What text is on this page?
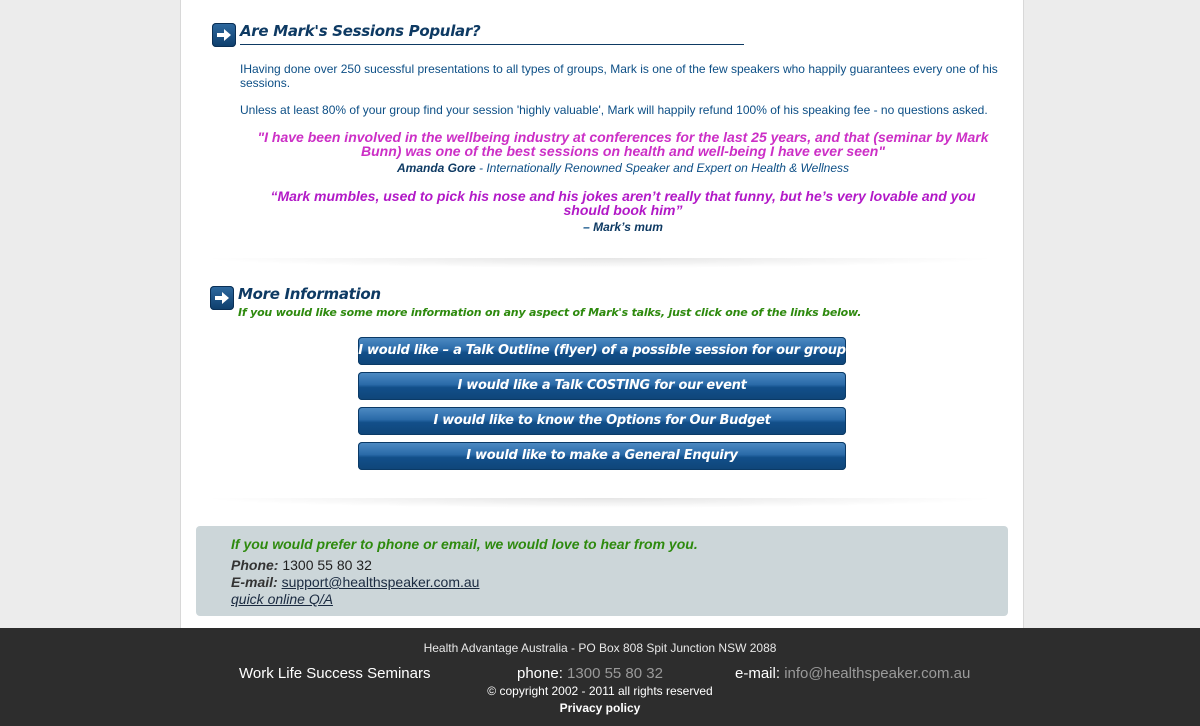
Are Mark's Sessions Popular?
IHaving done over 250 sucessful presentations to all types of groups, Mark is one of the few speakers who happily guarantees every one of his sessions.
Unless at least 80% of your group find your session 'highly valuable', Mark will happily refund 100% of his speaking fee - no questions asked.
"I have been involved in the wellbeing industry at conferences for the last 25 years, and that (seminar by Mark Bunn) was one of the best sessions on health and well-being I have ever seen"
Amanda Gore - Internationally Renowned Speaker and Expert on Health & Wellness
“Mark mumbles, used to pick his nose and his jokes aren’t really that funny, but he’s very lovable and you should book him”
– Mark’s mum
More Information
If you would like some more information on any aspect of Mark's talks, just click one of the links below.
I would like – a Talk Outline (flyer) of a possible session for our group
I would like a Talk COSTING for our event
I would like to know the Options for Our Budget
I would like to make a General Enquiry
If you would prefer to phone or email, we would love to hear from you.
Phone: 1300 55 80 32
E-mail: support@healthspeaker.com.au
quick online Q/A
Health Advantage Australia - PO Box 808 Spit Junction NSW 2088
Work Life Success Seminars	phone: 1300 55 80 32	e-mail: info@healthspeaker.com.au
© copyright 2002 - 2011 all rights reserved
Privacy policy
